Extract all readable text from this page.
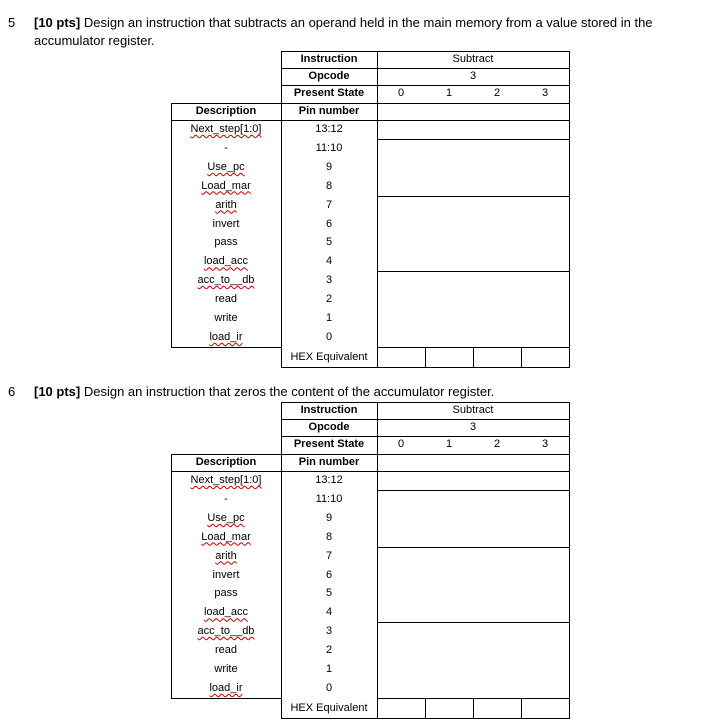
5 [10 pts] Design an instruction that subtracts an operand held in the main memory from a value stored in the
accumulator register.
Instruction	Subtract
Opcode	3
Present State	0	1	2	3
Description	Pin number
Next_step[1:0]	13:12
-	11:10
Use_pc	9
Load_mar	8
arith	7
invert	6
pass	5
load_acc	4
acc_to__db	3
read	2
write	1
load_ir	0
HEX Equivalent
6 [10 pts] Design an instruction that zeros the content of the accumulator register.
Instruction	Subtract
Opcode	3
Present State	0	1	2	3
Description	Pin number
Next_step[1:0]	13:12
-	11:10
Use_pc	9
Load_mar	8
arith	7
invert	6
pass	5
load_acc	4
acc_to__db	3
read	2
write	1
load_ir	0
HEX Equivalent
